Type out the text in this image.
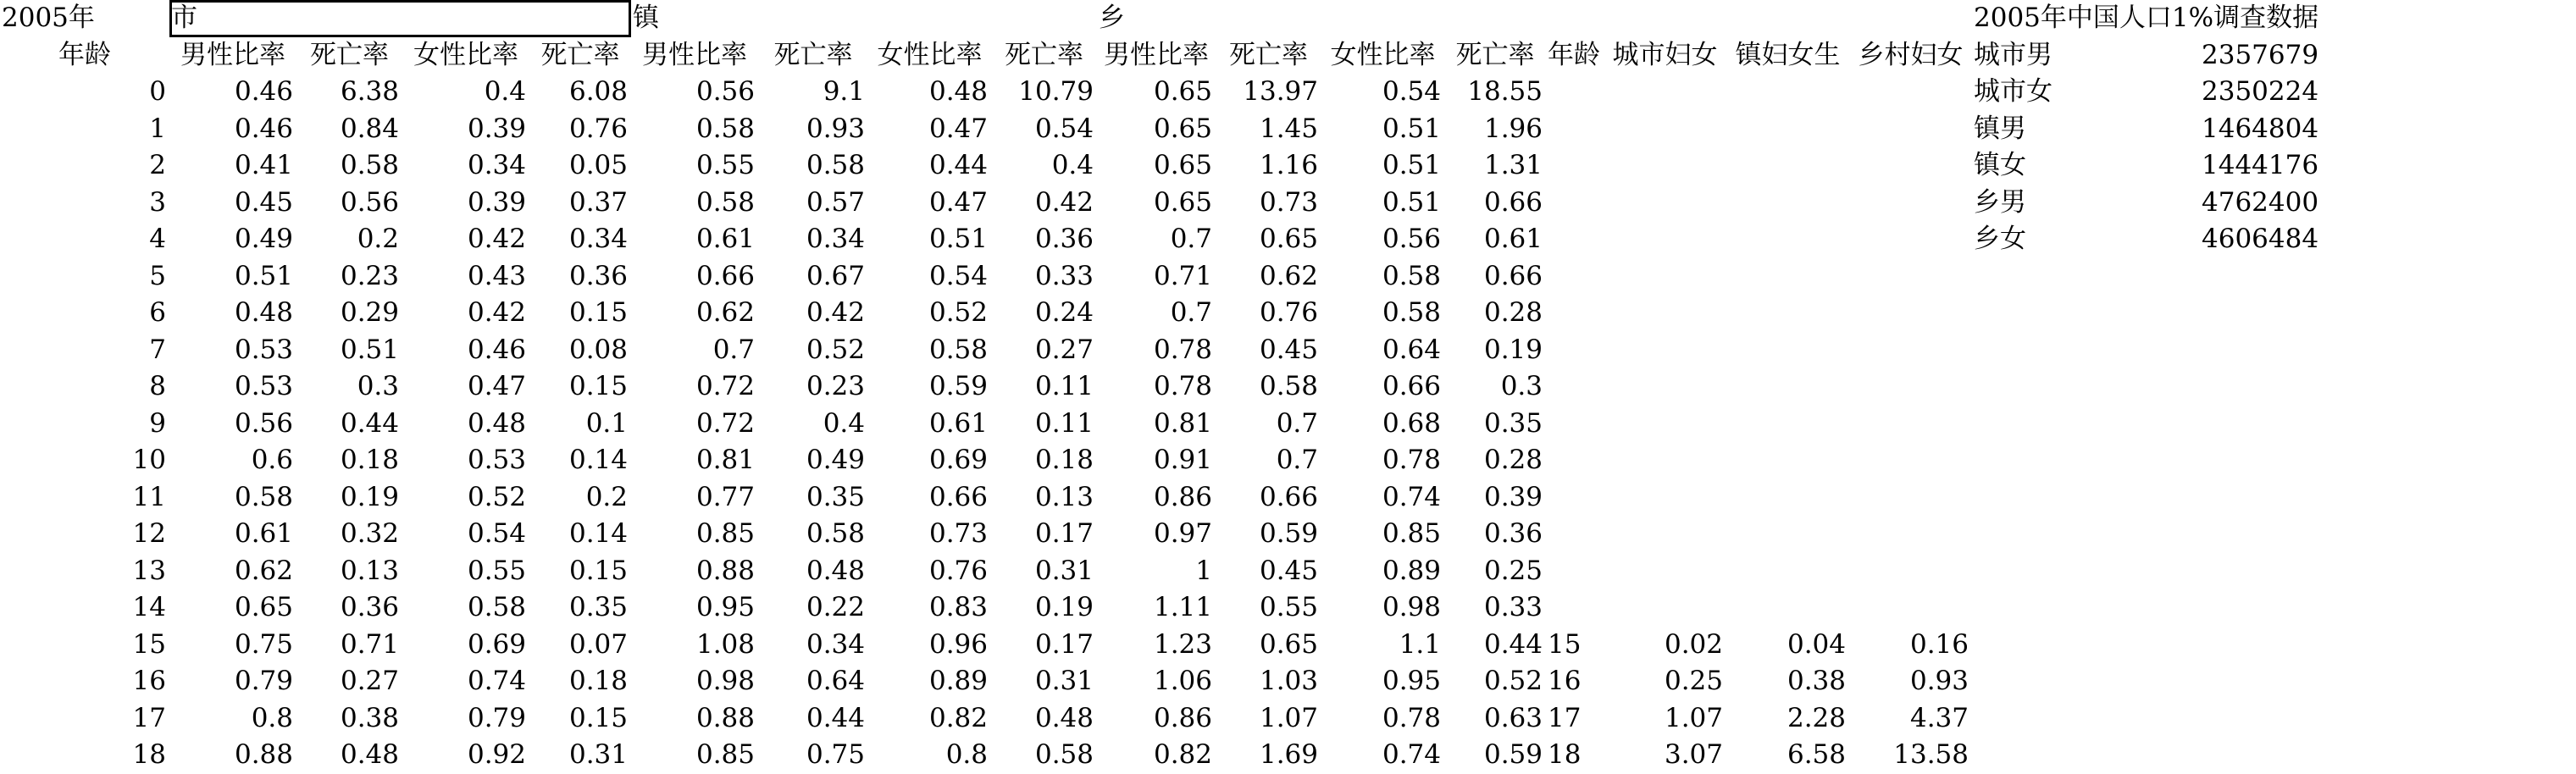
2005年	市				镇				乡								2005年中国人口1%调查数据	
年龄	男性比率	死亡率	女性比率	死亡率	男性比率	死亡率	女性比率	死亡率	男性比率	死亡率	女性比率	死亡率	年龄	城市妇女	镇妇女生	乡村妇女	城市男	2357679
0	0.46	6.38	0.4	6.08	0.56	9.1	0.48	10.79	0.65	13.97	0.54	18.55					城市女	2350224
1	0.46	0.84	0.39	0.76	0.58	0.93	0.47	0.54	0.65	1.45	0.51	1.96					镇男	1464804
2	0.41	0.58	0.34	0.05	0.55	0.58	0.44	0.4	0.65	1.16	0.51	1.31					镇女	1444176
3	0.45	0.56	0.39	0.37	0.58	0.57	0.47	0.42	0.65	0.73	0.51	0.66					乡男	4762400
4	0.49	0.2	0.42	0.34	0.61	0.34	0.51	0.36	0.7	0.65	0.56	0.61					乡女	4606484
5	0.51	0.23	0.43	0.36	0.66	0.67	0.54	0.33	0.71	0.62	0.58	0.66						
6	0.48	0.29	0.42	0.15	0.62	0.42	0.52	0.24	0.7	0.76	0.58	0.28						
7	0.53	0.51	0.46	0.08	0.7	0.52	0.58	0.27	0.78	0.45	0.64	0.19						
8	0.53	0.3	0.47	0.15	0.72	0.23	0.59	0.11	0.78	0.58	0.66	0.3						
9	0.56	0.44	0.48	0.1	0.72	0.4	0.61	0.11	0.81	0.7	0.68	0.35						
10	0.6	0.18	0.53	0.14	0.81	0.49	0.69	0.18	0.91	0.7	0.78	0.28						
11	0.58	0.19	0.52	0.2	0.77	0.35	0.66	0.13	0.86	0.66	0.74	0.39						
12	0.61	0.32	0.54	0.14	0.85	0.58	0.73	0.17	0.97	0.59	0.85	0.36						
13	0.62	0.13	0.55	0.15	0.88	0.48	0.76	0.31	1	0.45	0.89	0.25						
14	0.65	0.36	0.58	0.35	0.95	0.22	0.83	0.19	1.11	0.55	0.98	0.33						
15	0.75	0.71	0.69	0.07	1.08	0.34	0.96	0.17	1.23	0.65	1.1	0.44	15	0.02	0.04	0.16		
16	0.79	0.27	0.74	0.18	0.98	0.64	0.89	0.31	1.06	1.03	0.95	0.52	16	0.25	0.38	0.93		
17	0.8	0.38	0.79	0.15	0.88	0.44	0.82	0.48	0.86	1.07	0.78	0.63	17	1.07	2.28	4.37		
18	0.88	0.48	0.92	0.31	0.85	0.75	0.8	0.58	0.82	1.69	0.74	0.59	18	3.07	6.58	13.58		
